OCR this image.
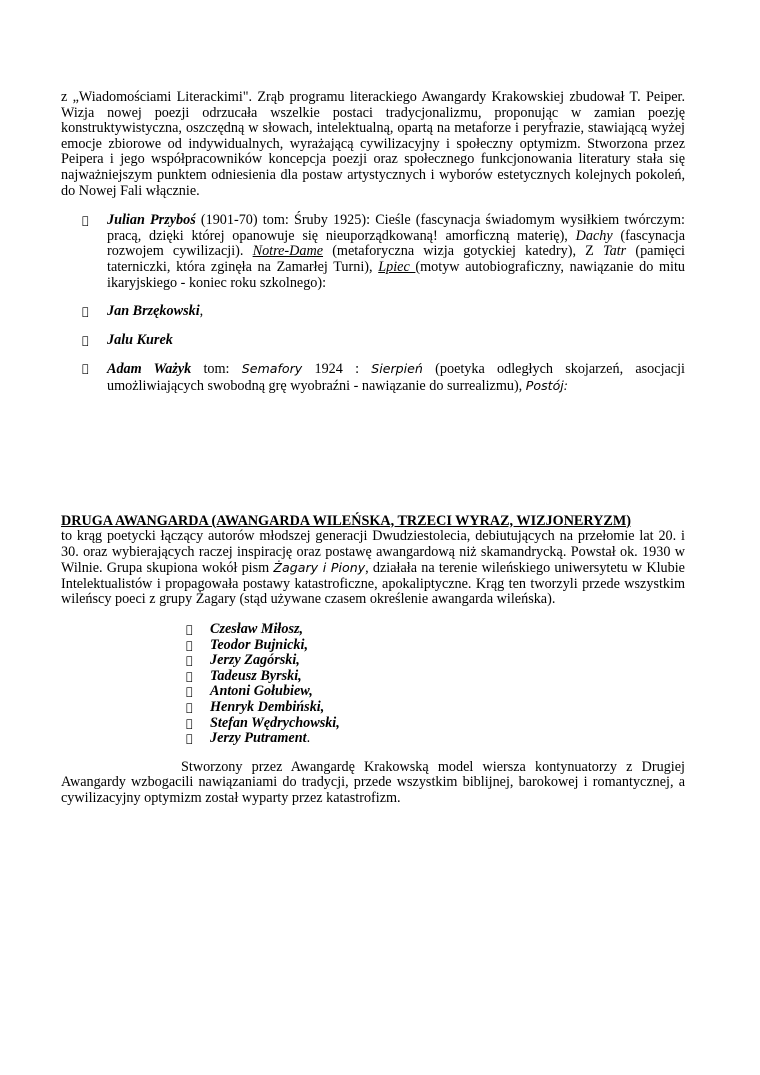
z „Wiadomościami Literackimi". Zrąb programu literackiego Awangardy Krakowskiej zbudował T. Peiper. Wizja nowej poezji odrzucała wszelkie postaci tradycjonalizmu, proponując w zamian poezję konstruktywistyczna, oszczędną w słowach, intelektualną, opartą na metaforze i peryfrazie, stawiającą wyżej emocje zbiorowe od indywidualnych, wyrażającą cywilizacyjny i społeczny optymizm. Stworzona przez Peipera i jego współpracowników koncepcja poezji oraz społecznego funkcjonowania literatury stała się najważniejszym punktem odniesienia dla postaw artystycznych i wyborów estetycznych kolejnych pokoleń, do Nowej Fali włącznie.

Julian Przyboś (1901-70) tom: Śruby 1925): Cieśle (fascynacja świadomym wysiłkiem twórczym: pracą, dzięki której opanowuje się nieuporządkowaną! amorficzną materię), Dachy (fascynacja rozwojem cywilizacji). Notre-Dame (metaforyczna wizja gotyckiej katedry), Z Tatr (pamięci taterniczki, która zginęła na Zamarłej Turni), Lpiec (motyw autobiograficzny, nawiązanie do mitu ikaryjskiego - koniec roku szkolnego):
Jan Brzękowski,
Jalu Kurek
Adam Ważyk tom: Semafory 1924 : Sierpień (poetyka odległych skojarzeń, asocjacji umożliwiających swobodną grę wyobraźni - nawiązanie do surrealizmu), Postój:
DRUGA AWANGARDA (AWANGARDA WILEŃSKA, TRZECI WYRAZ, WIZJONERYZM)

to krąg poetycki łączący autorów młodszej generacji Dwudziestolecia, debiutujących na przełomie lat 20. i 30. oraz wybierających raczej inspirację oraz postawę awangardową niż skamandrycką. Powstał ok. 1930 w Wilnie. Grupa skupiona wokół pism Żagary i Piony, działała na terenie wileńskiego uniwersytetu w Klubie Intelektualistów i propagowała postawy katastroficzne, apokaliptyczne. Krąg ten tworzyli przede wszystkim wileńscy poeci z grupy Żagary (stąd używane czasem określenie awangarda wileńska).

Czesław Miłosz,
Teodor Bujnicki,
Jerzy Zagórski,
Tadeusz Byrski,
Antoni Gołubiew,
Henryk Dembiński,
Stefan Wędrychowski,
Jerzy Putrament.

Stworzony przez Awangardę Krakowską model wiersza kontynuatorzy z Drugiej Awangardy wzbogacili nawiązaniami do tradycji, przede wszystkim biblijnej, barokowej i romantycznej, a cywilizacyjny optymizm został wyparty przez katastrofizm.
